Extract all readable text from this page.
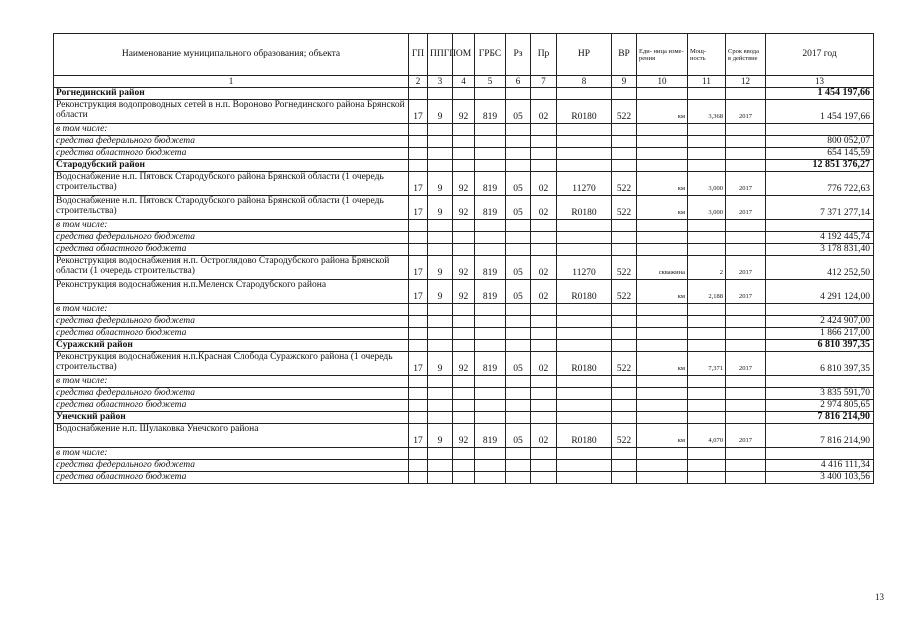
Наименование муниципального образования; объекта	ГП	ППГП	ОМ	ГРБС	Рз	Пр	НР	ВР	Еди- ница изме- рения	Мощ- ность	Срок ввода в действие	2017 год
1	2	3	4	5	6	7	8	9	10	11	12	13
Рогнединский район												1 454 197,66
Реконструкция водопроводных сетей в н.п. Вороново Рогнединского района Брянской области	17	9	92	819	05	02	R0180	522	км	3,368	2017	1 454 197,66
в том числе:												
средства федерального бюджета												800 052,07
средства областного бюджета												654 145,59
Стародубский район												12 851 376,27
Водоснабжение н.п. Пятовск Стародубского района Брянской области (1 очередь строительства)	17	9	92	819	05	02	11270	522	км	3,000	2017	776 722,63
Водоснабжение н.п. Пятовск Стародубского района Брянской области (1 очередь строительства)	17	9	92	819	05	02	R0180	522	км	3,000	2017	7 371 277,14
в том числе:												
средства федерального бюджета												4 192 445,74
средства областного бюджета												3 178 831,40
Реконструкция водоснабжения н.п. Остроглядово Стародубского района Брянской области (1 очередь строительства)	17	9	92	819	05	02	11270	522	скважина	2	2017	412 252,50
Реконструкция водоснабжения н.п.Меленск Стародубского района	17	9	92	819	05	02	R0180	522	км	2,188	2017	4 291 124,00
в том числе:												
средства федерального бюджета												2 424 907,00
средства областного бюджета												1 866 217,00
Суражский район												6 810 397,35
Реконструкция водоснабжения н.п.Красная Слобода Суражского района (1 очередь строительства)	17	9	92	819	05	02	R0180	522	км	7,371	2017	6 810 397,35
в том числе:												
средства федерального бюджета												3 835 591,70
средства областного бюджета												2 974 805,65
Унечский район												7 816 214,90
Водоснабжение н.п. Шулаковка Унечского района	17	9	92	819	05	02	R0180	522	км	4,070	2017	7 816 214,90
в том числе:												
средства федерального бюджета												4 416 111,34
средства областного бюджета												3 400 103,56
13
